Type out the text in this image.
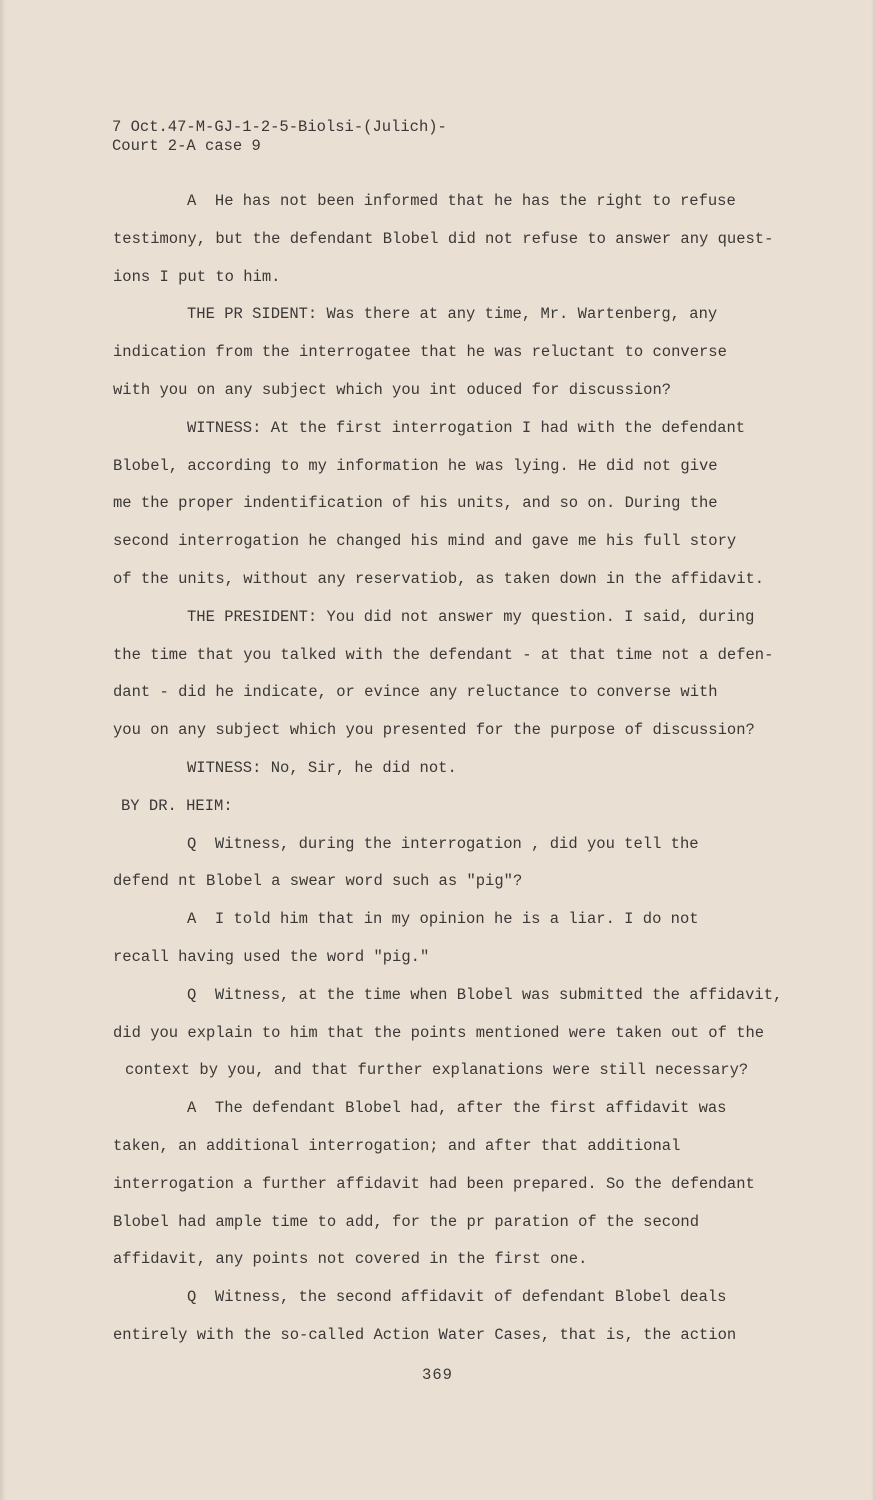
7 Oct.47-M-GJ-1-2-5-Biolsi-(Julich)-
Court 2-A case 9
A  He has not been informed that he has the right to refuse
testimony, but the defendant Blobel did not refuse to answer any quest-
ions I put to him.
THE PR SIDENT: Was there at any time, Mr. Wartenberg, any
indication from the interrogatee that he was reluctant to converse
with you on any subject which you int oduced for discussion?
WITNESS: At the first interrogation I had with the defendant
Blobel, according to my information he was lying. He did not give
me the proper indentification of his units, and so on. During the
second interrogation he changed his mind and gave me his full story
of the units, without any reservatiob, as taken down in the affidavit.
THE PRESIDENT: You did not answer my question. I said, during
the time that you talked with the defendant - at that time not a defen-
dant - did he indicate, or evince any reluctance to converse with
you on any subject which you presented for the purpose of discussion?
WITNESS: No, Sir, he did not.
BY DR. HEIM:
Q  Witness, during the interrogation , did you tell the
defend nt Blobel a swear word such as "pig"?
A  I told him that in my opinion he is a liar. I do not
recall having used the word "pig."
Q  Witness, at the time when Blobel was submitted the affidavit,
did you explain to him that the points mentioned were taken out of the
context by you, and that further explanations were still necessary?
A  The defendant Blobel had, after the first affidavit was
taken, an additional interrogation; and after that additional
interrogation a further affidavit had been prepared. So the defendant
Blobel had ample time to add, for the pr paration of the second
affidavit, any points not covered in the first one.
Q  Witness, the second affidavit of defendant Blobel deals
entirely with the so-called Action Water Cases, that is, the action
369
